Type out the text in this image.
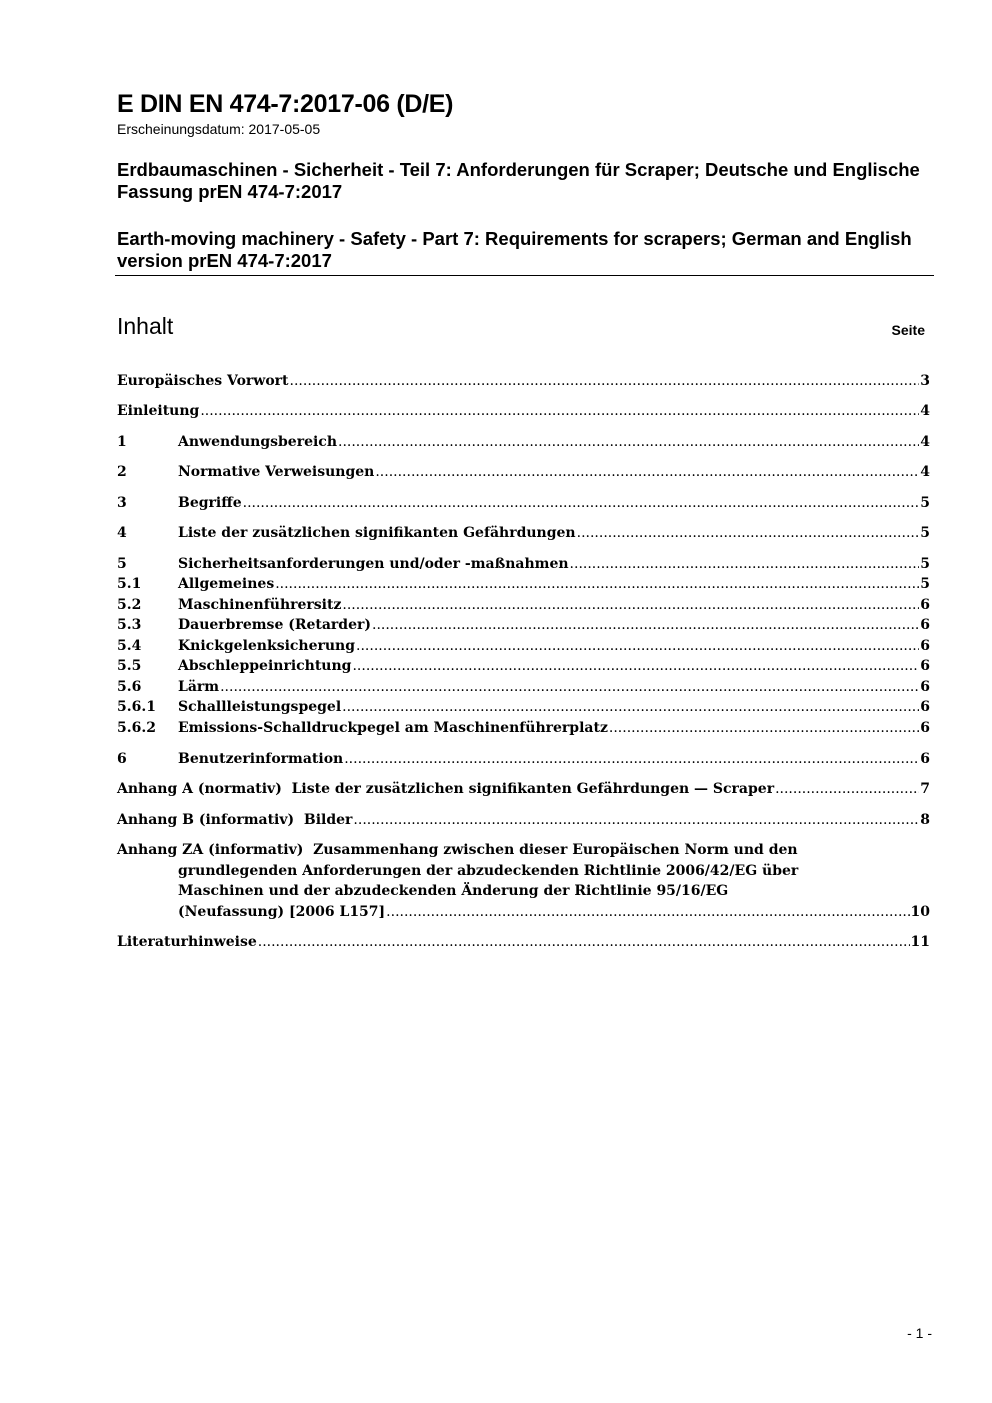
E DIN EN 474-7:2017-06 (D/E)
Erscheinungsdatum: 2017-05-05
Erdbaumaschinen - Sicherheit - Teil 7: Anforderungen für Scraper; Deutsche und Englische Fassung prEN 474-7:2017
Earth-moving machinery - Safety - Part 7: Requirements for scrapers; German and English version prEN 474-7:2017
Inhalt	Seite
Europäisches Vorwort .....	3
Einleitung .....	4
1	Anwendungsbereich .....	4
2	Normative Verweisungen .....	4
3	Begriffe .....	5
4	Liste der zusätzlichen signifikanten Gefährdungen .....	5
5	Sicherheitsanforderungen und/oder -maßnahmen .....	5
5.1	Allgemeines .....	5
5.2	Maschinenführersitz .....	6
5.3	Dauerbremse (Retarder) .....	6
5.4	Knickgelenksicherung .....	6
5.5	Abschleppeinrichtung .....	6
5.6	Lärm .....	6
5.6.1	Schallleistungspegel .....	6
5.6.2	Emissions-Schalldruckpegel am Maschinenführerplatz .....	6
6	Benutzerinformation .....	6
Anhang A (normativ)  Liste der zusätzlichen signifikanten Gefährdungen — Scraper .....	7
Anhang B (informativ)  Bilder .....	8
Anhang ZA (informativ)  Zusammenhang zwischen dieser Europäischen Norm und den
grundlegenden Anforderungen der abzudeckenden Richtlinie 2006/42/EG über
Maschinen und der abzudeckenden Änderung der Richtlinie 95/16/EG
(Neufassung) [2006 L157] .....	10
Literaturhinweise .....	11
- 1 -
